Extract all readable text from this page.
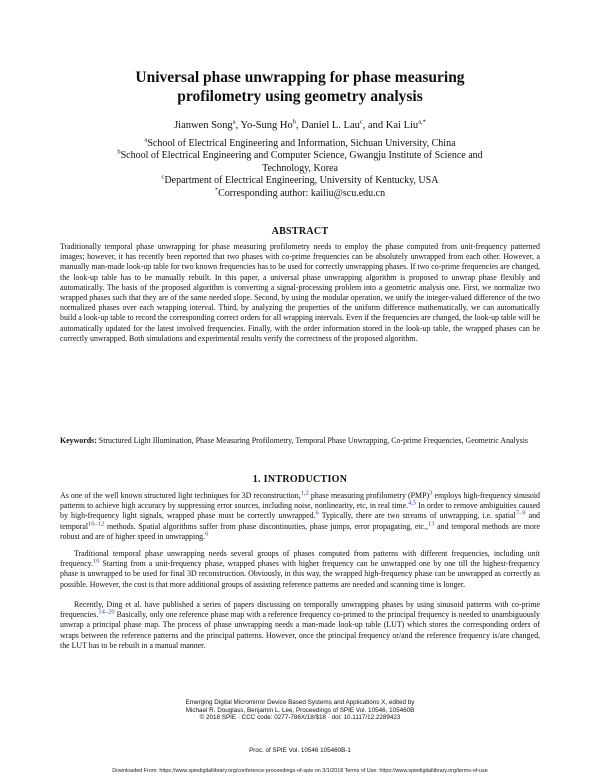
Universal phase unwrapping for phase measuring
profilometry using geometry analysis
Jianwen Song$^a$, Yo-Sung Ho$^b$, Daniel L. Lau$^c$, and Kai Liu$^{a,*}$
$^a$School of Electrical Engineering and Information, Sichuan University, China
$^b$School of Electrical Engineering and Computer Science, Gwangju Institute of Science and
Technology, Korea
$^c$Department of Electrical Engineering, University of Kentucky, USA
*Corresponding author: kailiu@scu.edu.cn
ABSTRACT

Traditionally temporal phase unwrapping for phase measuring profilometry needs to employ the phase computed from unit-frequency patterned images; however, it has recently been reported that two phases with co-prime frequencies can be absolutely unwrapped from each other. However, a manually man-made look-up table for two known frequencies has to be used for correctly unwrapping phases. If two co-prime frequencies are changed, the look-up table has to be manually rebuilt. In this paper, a universal phase unwrapping algorithm is proposed to unwrap phase flexibly and automatically. The basis of the proposed algorithm is converting a signal-processing problem into a geometric analysis one. First, we normalize two wrapped phases such that they are of the same needed slope. Second, by using the modular operation, we unify the integer-valued difference of the two normalized phases over each wrapping interval. Third, by analyzing the properties of the uniform difference mathematically, we can automatically build a look-up table to record the corresponding correct orders for all wrapping intervals. Even if the frequencies are changed, the look-up table will be automatically updated for the latest involved frequencies. Finally, with the order information stored in the look-up table, the wrapped phases can be correctly unwrapped. Both simulations and experimental results verify the correctness of the proposed algorithm.

Keywords: Structured Light Illumination, Phase Measuring Profilometry, Temporal Phase Unwrapping, Co-prime Frequencies, Geometric Analysis

1. INTRODUCTION

As one of the well known structured light techniques for 3D reconstruction,$^{1,2}$ phase measuring profilometry (PMP)$^3$ employs high-frequency sinusoid patterns to achieve high accuracy by suppressing error sources, including noise, nonlinearity, etc, in real time.$^{4,5}$ In order to remove ambiguities caused by high-frequency light signals, wrapped phase must be correctly unwrapped.$^6$ Typically, there are two streams of unwrapping, i.e. spatial$^{7-9}$ and temporal$^{10-12}$ methods. Spatial algorithms suffer from phase discontinuities, phase jumps, error propagating, etc.,$^{13}$ and temporal methods are more robust and are of higher speed in unwrapping.$^6$

Traditional temporal phase unwrapping needs several groups of phases computed from patterns with different frequencies, including unit frequency.$^{10}$ Starting from a unit-frequency phase, wrapped phases with higher frequency can be unwrapped one by one till the highest-frequency phase is unwrapped to be used for final 3D reconstruction. Obviously, in this way, the wrapped high-frequency phase can be unwrapped as correctly as possible. However, the cost is that more additional groups of assisting reference patterns are needed and scanning time is longer.

Recently, Ding et al. have published a series of papers discussing on temporally unwrapping phases by using sinusoid patterns with co-prime frequencies.$^{14-20}$ Basically, only one reference phase map with a reference frequency co-primed to the principal frequency is needed to unambiguously unwrap a principal phase map. The process of phase unwrapping needs a man-made look-up table (LUT) which stores the corresponding orders of wraps between the reference patterns and the principal patterns. However, once the principal frequency or/and the reference frequency is/are changed, the LUT has to be rebuilt in a manual manner.

Emerging Digital Micromirror Device Based Systems and Applications X, edited by
Michael R. Douglass, Benjamin L. Lee, Proceedings of SPIE Vol. 10546, 105460B
© 2018 SPIE · CCC code: 0277-786X/18/$18 · doi: 10.1117/12.2289423
Proc. of SPIE Vol. 10546 105460B-1
Downloaded From: https://www.spiedigitallibrary.org/conference-proceedings-of-spie on 3/1/2018 Terms of Use: https://www.spiedigitallibrary.org/terms-of-use
